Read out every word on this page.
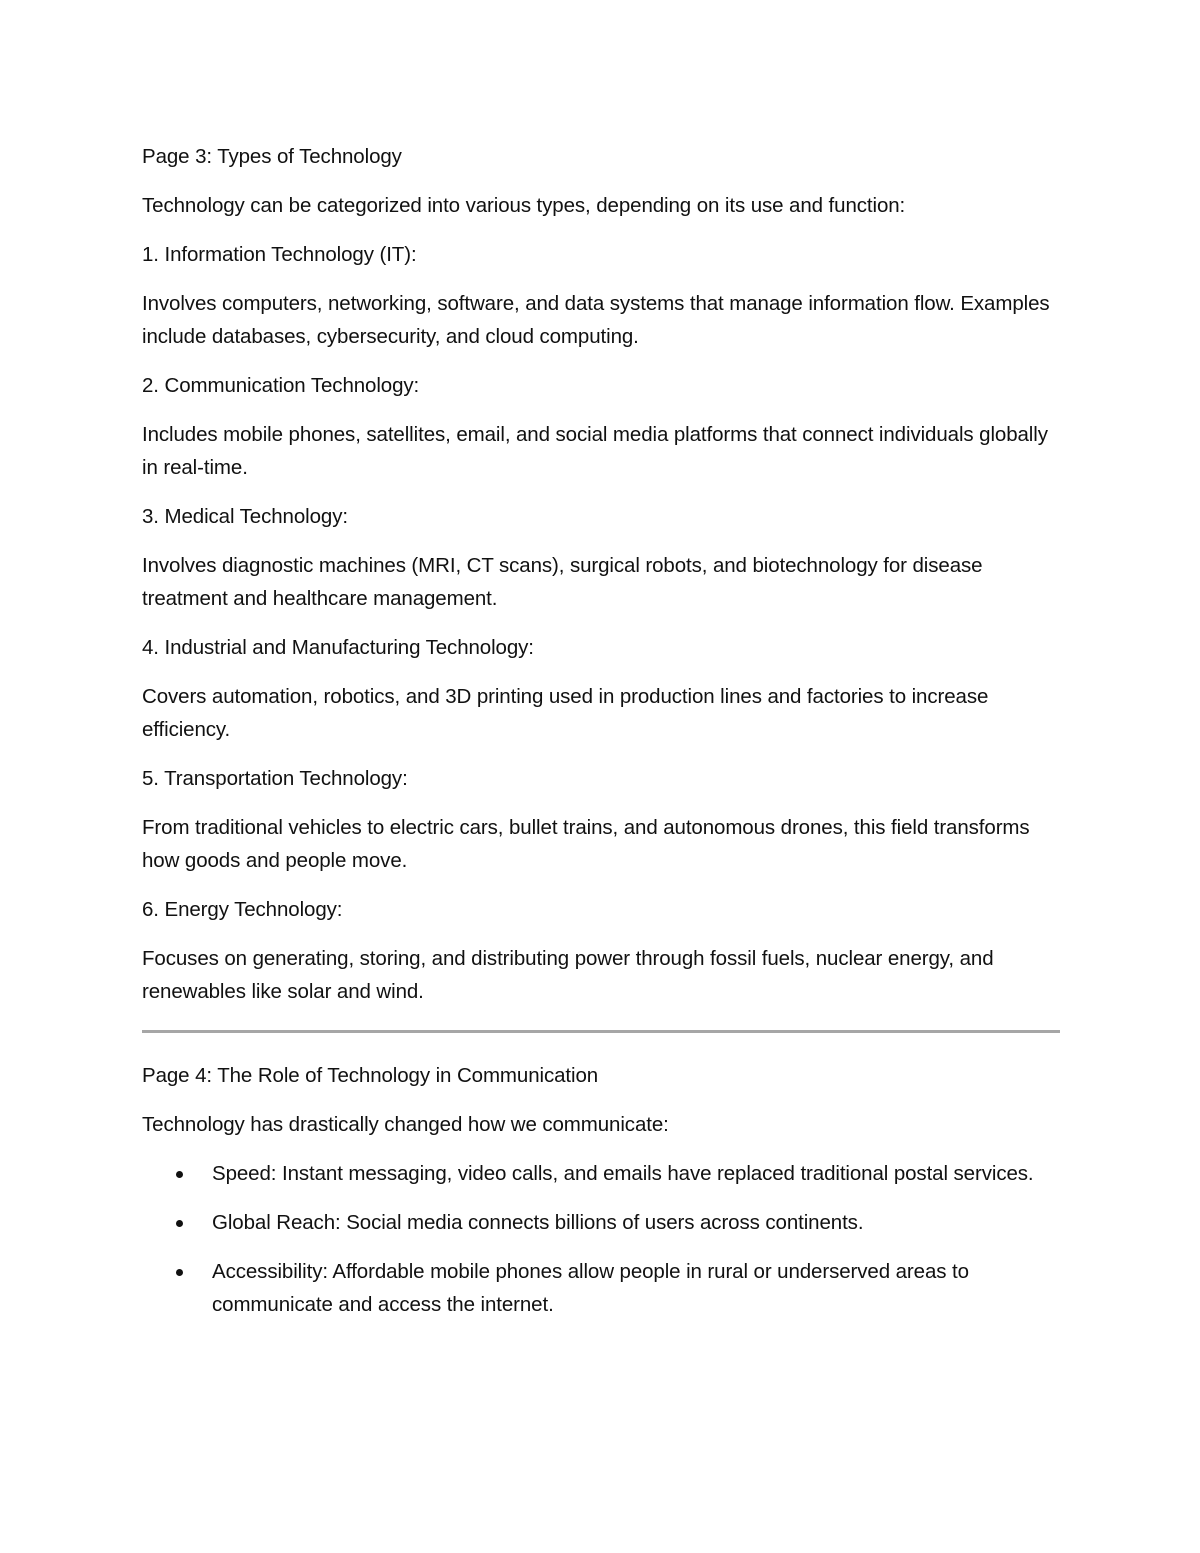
Page 3: Types of Technology

Technology can be categorized into various types, depending on its use and function:

1. Information Technology (IT):

Involves computers, networking, software, and data systems that manage information flow. Examples include databases, cybersecurity, and cloud computing.

2. Communication Technology:

Includes mobile phones, satellites, email, and social media platforms that connect individuals globally in real-time.

3. Medical Technology:

Involves diagnostic machines (MRI, CT scans), surgical robots, and biotechnology for disease treatment and healthcare management.

4. Industrial and Manufacturing Technology:

Covers automation, robotics, and 3D printing used in production lines and factories to increase efficiency.

5. Transportation Technology:

From traditional vehicles to electric cars, bullet trains, and autonomous drones, this field transforms how goods and people move.

6. Energy Technology:

Focuses on generating, storing, and distributing power through fossil fuels, nuclear energy, and renewables like solar and wind.

Page 4: The Role of Technology in Communication

Technology has drastically changed how we communicate:

Speed: Instant messaging, video calls, and emails have replaced traditional postal services.
Global Reach: Social media connects billions of users across continents.
Accessibility: Affordable mobile phones allow people in rural or underserved areas to communicate and access the internet.
